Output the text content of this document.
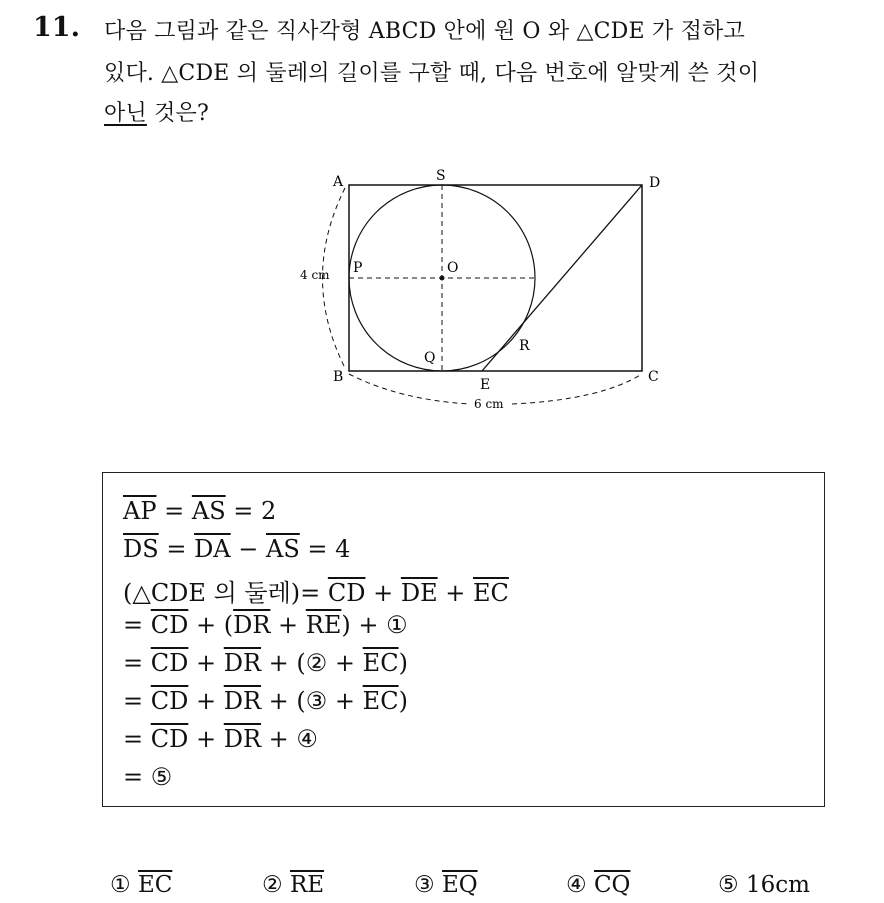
11. 다음 그림과 같은 직사각형 ABCD 안에 원 O 와 △CDE 가 접하고
있다. △CDE 의 둘레의 길이를 구할 때, 다음 번호에 알맞게 쓴 것이
아닌 것은?
A	S	D
P	O
Q
R
B	E	C
4 cm
6 cm
$\overline{AP} = \overline{AS} = 2$
$\overline{DS} = \overline{DA} - \overline{AS} = 4$
(△CDE 의 둘레)= $\overline{CD} + \overline{DE} + \overline{EC}$
= $\overline{CD} + (\overline{DR} + \overline{RE})$ + ①
= $\overline{CD} + \overline{DR}$ + (② + $\overline{EC}$)
= $\overline{CD} + \overline{DR}$ + (③ + $\overline{EC}$)
= $\overline{CD} + \overline{DR}$ + ④
= ⑤
① $\overline{EC}$	② $\overline{RE}$	③ $\overline{EQ}$	④ $\overline{CQ}$	⑤ 16cm
